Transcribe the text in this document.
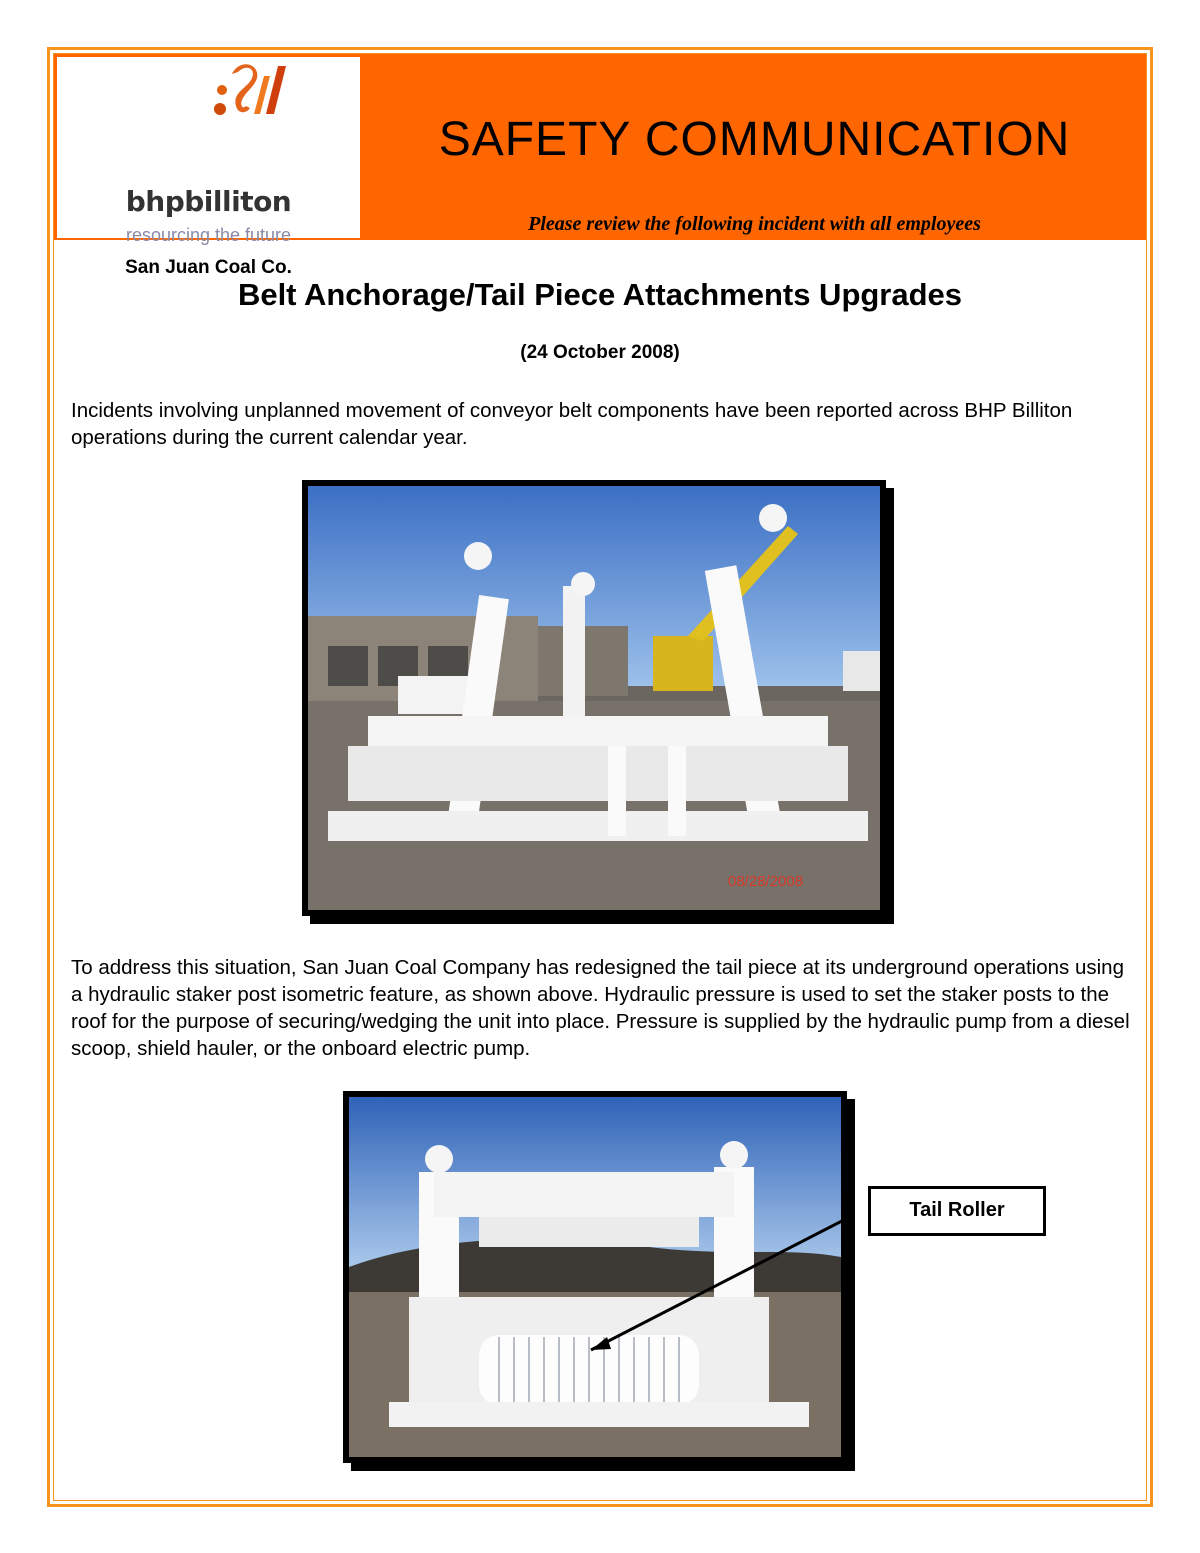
bhpbilliton
resourcing the future
San Juan Coal Co.
SAFETY COMMUNICATION
Please review the following incident with all employees
Belt Anchorage/Tail Piece Attachments Upgrades
(24 October 2008)
Incidents involving unplanned movement of conveyor belt components have been reported across BHP Billiton operations during the current calendar year.
08/28/2008
To address this situation, San Juan Coal Company has redesigned the tail piece at its underground operations using a hydraulic staker post isometric feature, as shown above. Hydraulic pressure is used to set the staker posts to the roof for the purpose of securing/wedging the unit into place. Pressure is supplied by the hydraulic pump from a diesel scoop, shield hauler, or the onboard electric pump.
Tail Roller
